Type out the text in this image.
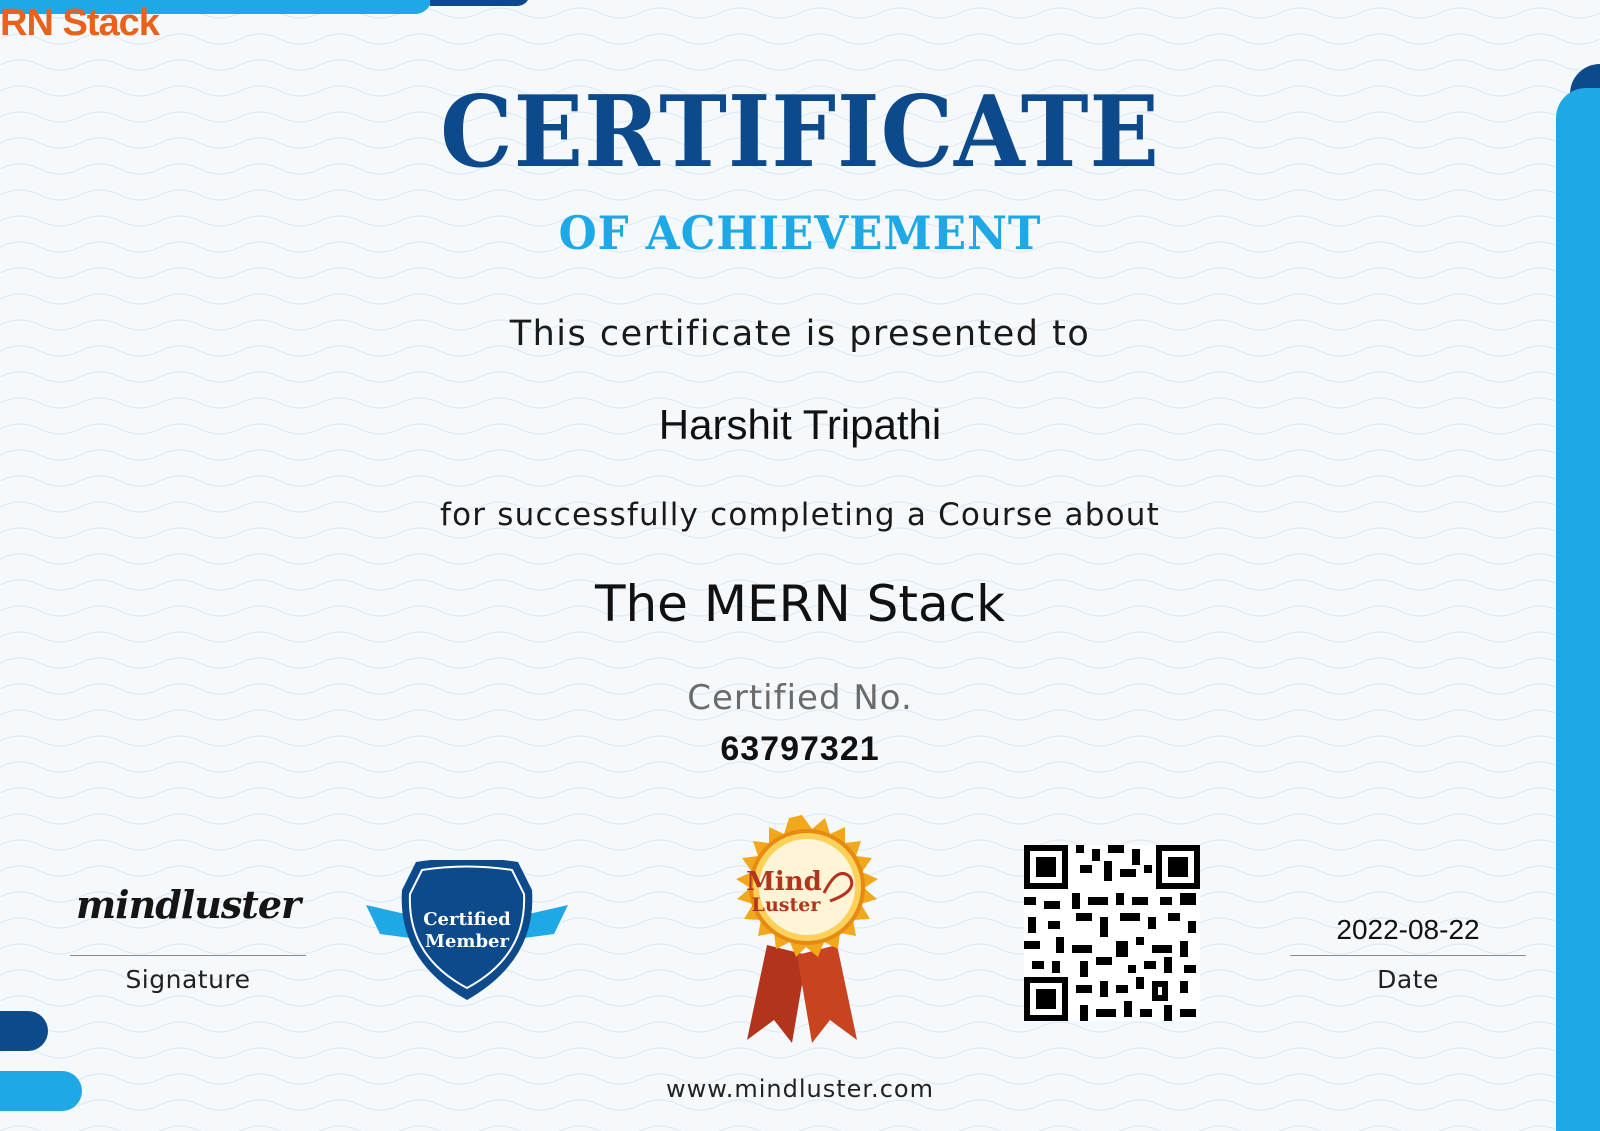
RN Stack
CERTIFICATE
OF ACHIEVEMENT
This certificate is presented to
Harshit Tripathi
for successfully completing a Course about
The MERN Stack
Certified No.
63797321
mindluster
Signature
Certified
Member
Mind
Luster
2022-08-22
Date
www.mindluster.com
